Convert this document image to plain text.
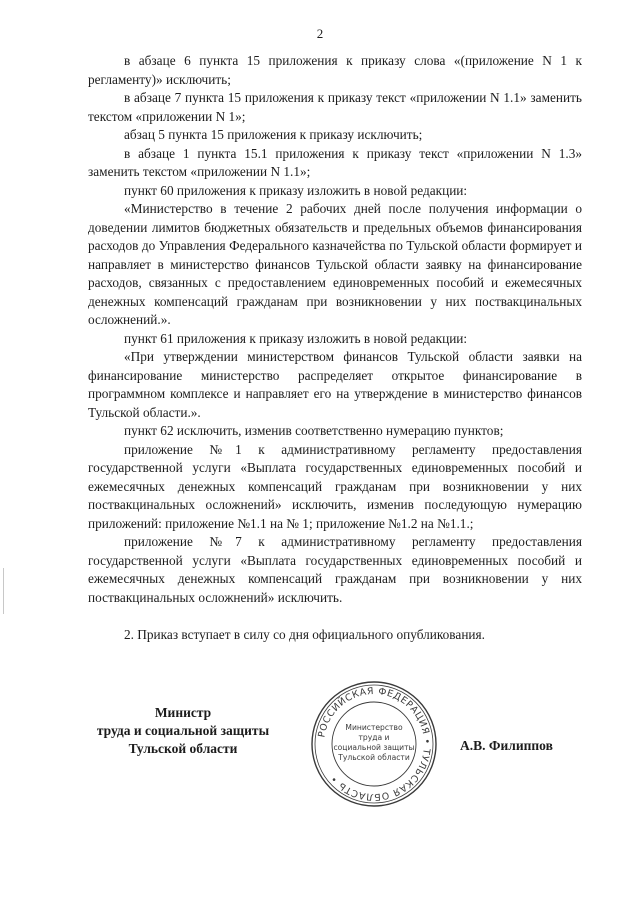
2

в абзаце 6 пункта 15 приложения к приказу слова «(приложение N 1 к регламенту)» исключить;

в абзаце 7 пункта 15 приложения к приказу текст «приложении N 1.1» заменить текстом «приложении N 1»;

абзац 5 пункта 15 приложения к приказу исключить;

в абзаце 1 пункта 15.1 приложения к приказу текст «приложении N 1.3» заменить текстом «приложении N 1.1»;

пункт 60 приложения к приказу изложить в новой редакции:

«Министерство в течение 2 рабочих дней после получения информации о доведении лимитов бюджетных обязательств и предельных объемов финансирования расходов до Управления Федерального казначейства по Тульской области формирует и направляет в министерство финансов Тульской области заявку на финансирование расходов, связанных с предоставлением единовременных пособий и ежемесячных денежных компенсаций гражданам при возникновении у них поствакцинальных осложнений.».

пункт 61 приложения к приказу изложить в новой редакции:

«При утверждении министерством финансов Тульской области заявки на финансирование министерство распределяет открытое финансирование в программном комплексе и направляет его на утверждение в министерство финансов Тульской области.».

пункт 62 исключить, изменив соответственно нумерацию пунктов;

приложение №1 к административному регламенту предоставления государственной услуги «Выплата государственных единовременных пособий и ежемесячных денежных компенсаций гражданам при возникновении у них поствакцинальных осложнений» исключить, изменив последующую нумерацию приложений: приложение №1.1 на № 1; приложение №1.2 на №1.1.;

приложение №7 к административному регламенту предоставления государственной услуги «Выплата государственных единовременных пособий и ежемесячных денежных компенсаций гражданам при возникновении у них поствакцинальных осложнений» исключить.

2. Приказ вступает в силу со дня официального опубликования.

Министр
труда и социальной защиты
Тульской области
РОССИЙСКАЯ ФЕДЕРАЦИЯ • ТУЛЬСКАЯ ОБЛАСТЬ •
Министерство
труда и
социальной защиты
Тульской области
А.В. Филиппов
